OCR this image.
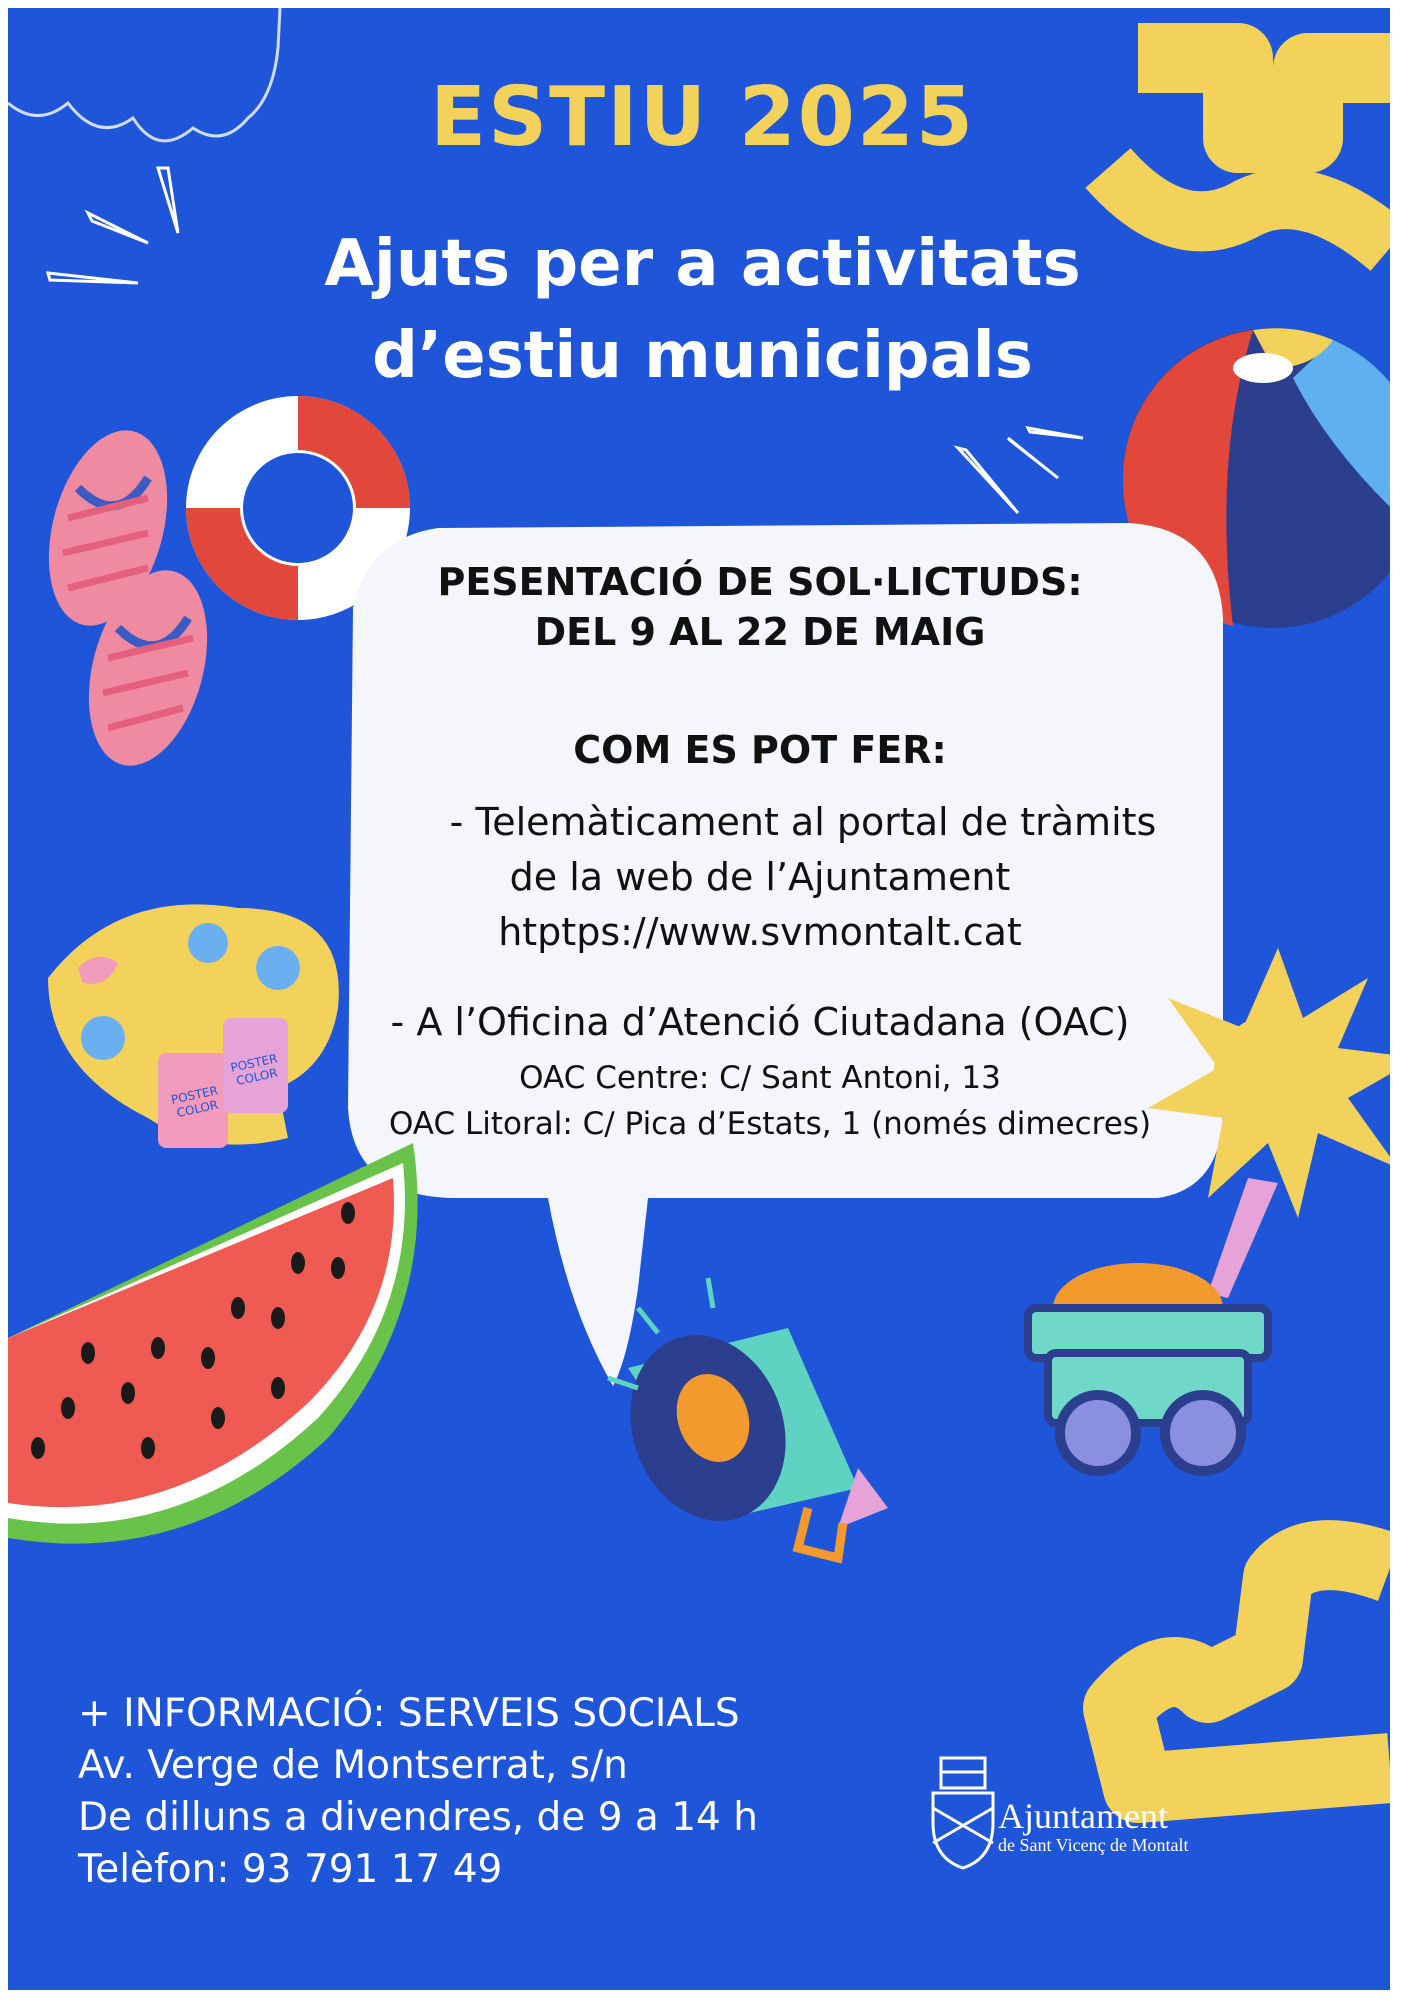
POSTER COLOR
POSTER COLOR
ESTIU 2025
Ajuts per a activitats
d’estiu municipals
PESENTACIÓ DE SOL·LICTUDS:
DEL 9 AL 22 DE MAIG
COM ES POT FER:
- Telemàticament al portal de tràmits
de la web de l’Ajuntament
htptps://www.svmontalt.cat
- A l’Oficina d’Atenció Ciutadana (OAC)
OAC Centre: C/ Sant Antoni, 13
OAC Litoral: C/ Pica d’Estats, 1 (només dimecres)
+ INFORMACIÓ: SERVEIS SOCIALS
Av. Verge de Montserrat, s/n
De dilluns a divendres, de 9 a 14 h
Telèfon: 93 791 17 49
Ajuntament
de Sant Vicenç de Montalt
